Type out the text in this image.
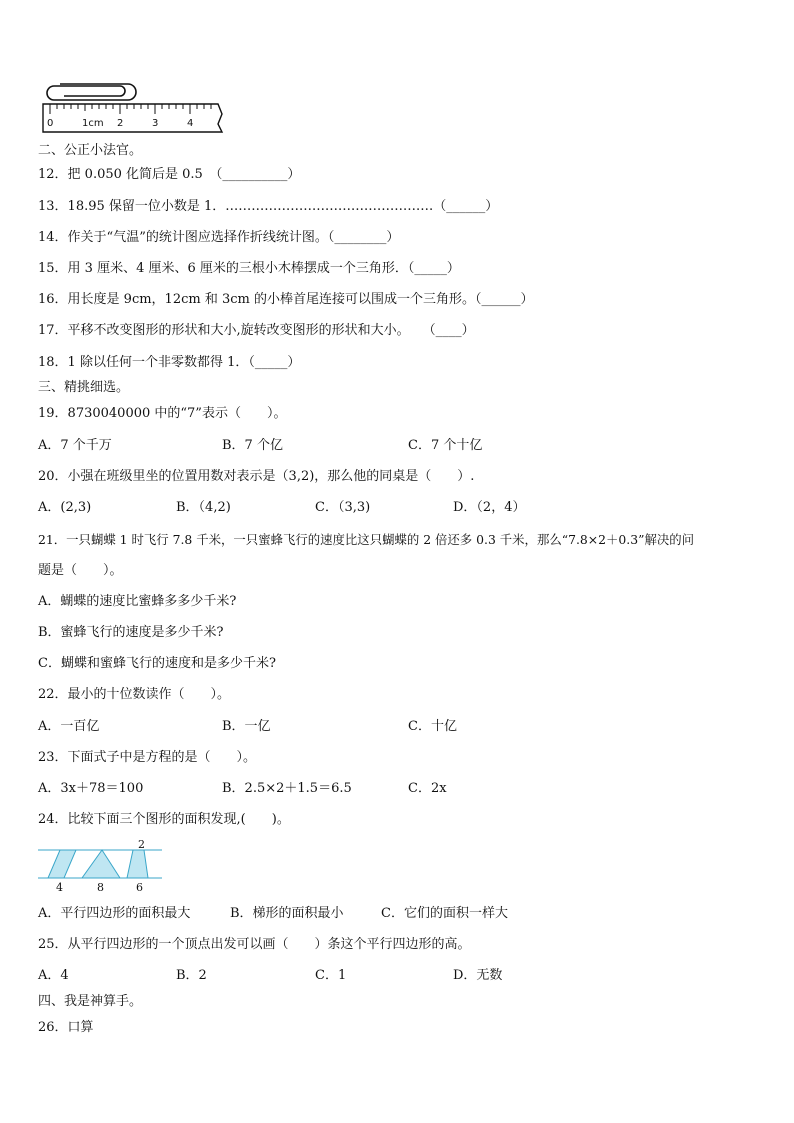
0	1cm 2	3	4
二、公正小法官。
12．把 0.050 化简后是 0.5　（__________）
13．18.95 保留一位小数是 1．…………………………………………（______）
14．作关于“气温”的统计图应选择作折线统计图。（________）
15．用 3 厘米、4 厘米、6 厘米的三根小木棒摆成一个三角形．（_____）
16．用长度是 9cm，12cm 和 3cm 的小棒首尾连接可以围成一个三角形。（______）
17．平移不改变图形的形状和大小,旋转改变图形的形状和大小。　　（____）
18．1 除以任何一个非零数都得 1．（_____）
三、精挑细选。
19．8730040000 中的“7”表示（　　）。
A．7 个千万	B．7 个亿	C．7 个十亿
20．小强在班级里坐的位置用数对表示是（3,2)，那么他的同桌是（　　）.
A．(2,3)	B．（4,2)	C．（3,3)	D．（2，4）
21．一只蝴蝶 1 时飞行 7.8 千米，一只蜜蜂飞行的速度比这只蝴蝶的 2 倍还多 0.3 千米，那么“7.8×2＋0.3”解决的问
题是（　　）。
A．蝴蝶的速度比蜜蜂多多少千米?
B．蜜蜂飞行的速度是多少千米?
C．蝴蝶和蜜蜂飞行的速度和是多少千米?
22．最小的十位数读作（　　）。
A．一百亿	B．一亿	C．十亿
23．下面式子中是方程的是（　　）。
A．3x＋78＝100	B．2.5×2＋1.5＝6.5	C．2x
24．比较下面三个图形的面积发现,(　　)。
2
4	8	6
A．平行四边形的面积最大	B．梯形的面积最小	C．它们的面积一样大
25．从平行四边形的一个顶点出发可以画（　　）条这个平行四边形的高。
A．4	B．2	C．1	D．无数
四、我是神算手。
26．口算
